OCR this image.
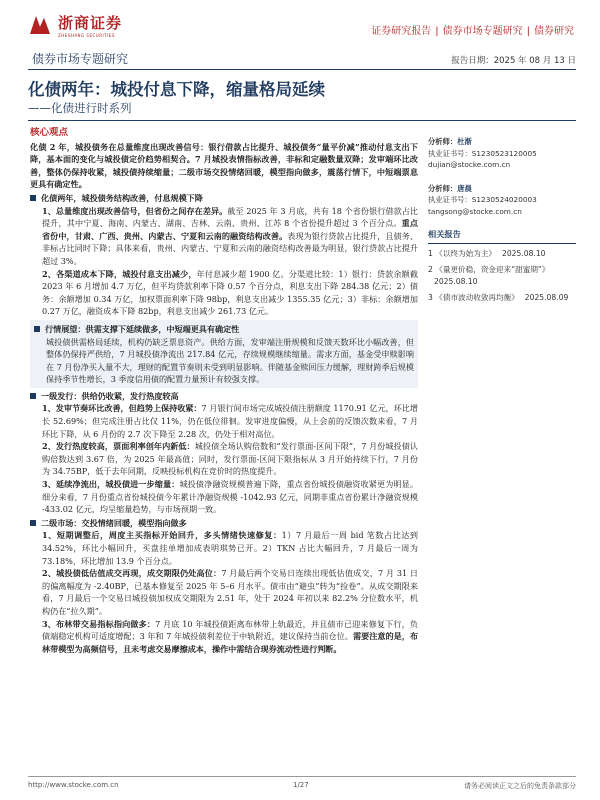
浙商证券
ZHESHANG SECURITIES	证券研究报告 | 债券市场专题研究 | 债券研究
债券市场专题研究	报告日期：2025 年 08 月 13 日
化债两年：城投付息下降，缩量格局延续
——化债进行时系列
核心观点
化债 2 年，城投债务在总量维度出现改善信号：银行借款占比提升、城投债务“量平价减”推动付息支出下降，基本面的变化与城投债定价趋势相契合。7 月城投表情指标改善，非标和定融数量双降；发审端环比改善，整体仍保持收紧，城投债持续缩量；二级市场交投情绪回暖，模型指向做多，震荡行情下，中短端票息更具有确定性。
化债两年，城投债务结构改善，付息规模下降
1、总量维度出现改善信号，但省份之间存在差异。截至 2025 年 3 月底，共有 18 个省份银行借款占比提升，其中宁夏、海南、内蒙古、湖南、吉林、云南、贵州、江苏 8 个省份提升超过 3 个百分点。重点省份中，甘肃、广西、贵州、内蒙古、宁夏和云南的融资结构改善。表现为银行贷款占比提升，且债务、非标占比同时下降；具体来看，贵州、内蒙古、宁夏和云南的融资结构改善最为明显，银行贷款占比提升超过 3%。
2、各渠道成本下降，城投付息支出减少，年付息减少超 1900 亿。分渠道比较：1）银行：贷款余额截 2023 年 6 月增加 4.7 万亿，但平均贷款利率下降 0.57 个百分点，利息支出下降 284.38 亿元；2）债务：余额增加 0.34 万亿，加权票面利率下降 98bp，利息支出减少 1355.35 亿元；3）非标：余额增加 0.27 万亿，融资成本下降 82bp，利息支出减少 261.73 亿元。
行情展望：供需支撑下延续做多，中短端更具有确定性
城投债供需格局延续，机构仍缺乏票息资产。供给方面，发审端注册规模和反馈天数环比小幅改善，但整体仍保持严供给，7 月城投债净流出 217.84 亿元，存续规模继续缩量。需求方面，基金受申赎影响在 7 月份净买入量不大，理财的配置节奏则未受到明显影响。伴随基金赎回压力缓解，理财跨季后规模保持季节性增长，3 季度信用债的配置力量预计有较强支撑。
一级发行：供给仍收紧，发行热度较高
1、发审节奏环比改善，但趋势上保持收紧：7 月银行间市场完成城投债注册额度 1170.91 亿元，环比增长 52.69%；但完成注册占比仅 11%，仍在低位徘徊。发审进度偏慢，从上会前的反馈次数来看，7 月环比下降，从 6 月份的 2.7 次下降至 2.28 次，仍处于相对高位。
2、发行热度较高，票面利率创年内新低：城投债全场认购倍数和“发行票面-区间下限”，7 月份城投债认购倍数达到 3.67 倍，为 2025 年最高值；同时，发行票面-区间下限指标从 3 月开始持续下行，7 月份为 34.75BP，低于去年同期，反映投标机构在竞价时的热度提升。
3、延续净流出，城投债进一步缩量：城投债净融资规模普遍下降，重点省份城投债融资收紧更为明显。细分来看，7 月份重点省份城投债今年累计净融资规模 -1042.93 亿元，同期非重点省份累计净融资规模 -433.02 亿元，均呈缩量趋势，与市场预期一致。
二级市场：交投情绪回暖，模型指向做多
1、短期调整后，周度主买指标开始回升，多头情绪快速修复：1）7 月最后一周 bid 笔数占比达到 34.52%，环比小幅回升，买盘挂单增加成表明琪势已开。2）TKN 占比大幅回升，7 月最后一周为 73.18%，环比增加 13.9 个百分点。
2、城投债低估值成交再现，成交期限仍处高位：7 月最后两个交易日连续出现低估值成交，7 月 31 日的偏离幅度为 -2.40BP，已基本修复至 2025 年 5–6 月水平。债市由“避虫”转为“捡卷”。从成交期限来看，7 月最后一个交易日城投债加权成交期限为 2.51 年，处于 2024 年初以来 82.2% 分位数水平，机构仍在“拉久期”。
3、布林带交易指标指向做多：7 月底 10 年城投债距离布林带上轨最近，并且债市已迎来修复下行，负债端稳定机构可适度增配；3 年和 7 年城投债利差位于中轨附近，建议保持当前仓位。需要注意的是，布林带模型为高频信号，且未考虑交易摩擦成本，操作中需结合现券流动性进行判断。
分析师：杜渐
执业证书号：S1230523120005
dujian@stocke.com.cn
分析师：唐晨
执业证书号：S1230524020003
tangsong@stocke.com.cn
相关报告
1 《以终为始为主》 2025.08.10
2 《量更价稳，资金迎来“甜蜜期”》2025.08.10
3 《债市波动收敛再均衡》 2025.08.09
http://www.stocke.com.cn	1/27	请务必阅读正文之后的免责条款部分
